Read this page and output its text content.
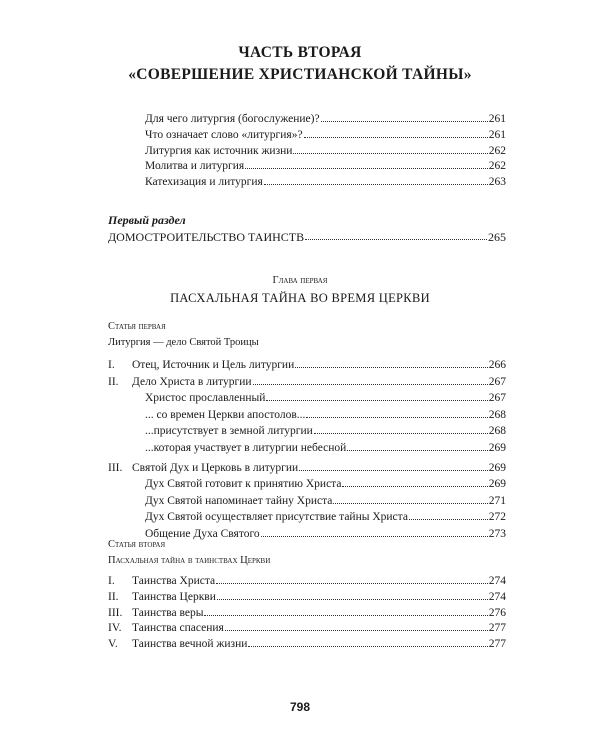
ЧАСТЬ ВТОРАЯ
«СОВЕРШЕНИЕ ХРИСТИАНСКОЙ ТАЙНЫ»
Для чего литургия (богослужение)?	261
Что означает слово «литургия»?	261
Литургия как источник жизни	262
Молитва и литургия	262
Катехизация и литургия	263
Первый раздел
ДОМОСТРОИТЕЛЬСТВО ТАИНСТВ	265
Глава первая
ПАСХАЛЬНАЯ ТАЙНА ВО ВРЕМЯ ЦЕРКВИ
Статья первая
Литургия — дело Святой Троицы
I.	Отец, Источник и Цель литургии	266
II.	Дело Христа в литургии	267
Христос прославленный	267
... со времен Церкви апостолов...	268
...присутствует в земной литургии	268
...которая участвует в литургии небесной	269
III. Святой Дух и Церковь в литургии	269
Дух Святой готовит к принятию Христа	269
Дух Святой напоминает тайну Христа	271
Дух Святой осуществляет присутствие тайны Христа	272
Общение Духа Святого	273
Статья вторая
Пасхальная тайна в таинствах Церкви
I.	Таинства Христа	274
II.	Таинства Церкви	274
III. Таинства веры	276
IV. Таинства спасения	277
V.	Таинства вечной жизни	277
798
